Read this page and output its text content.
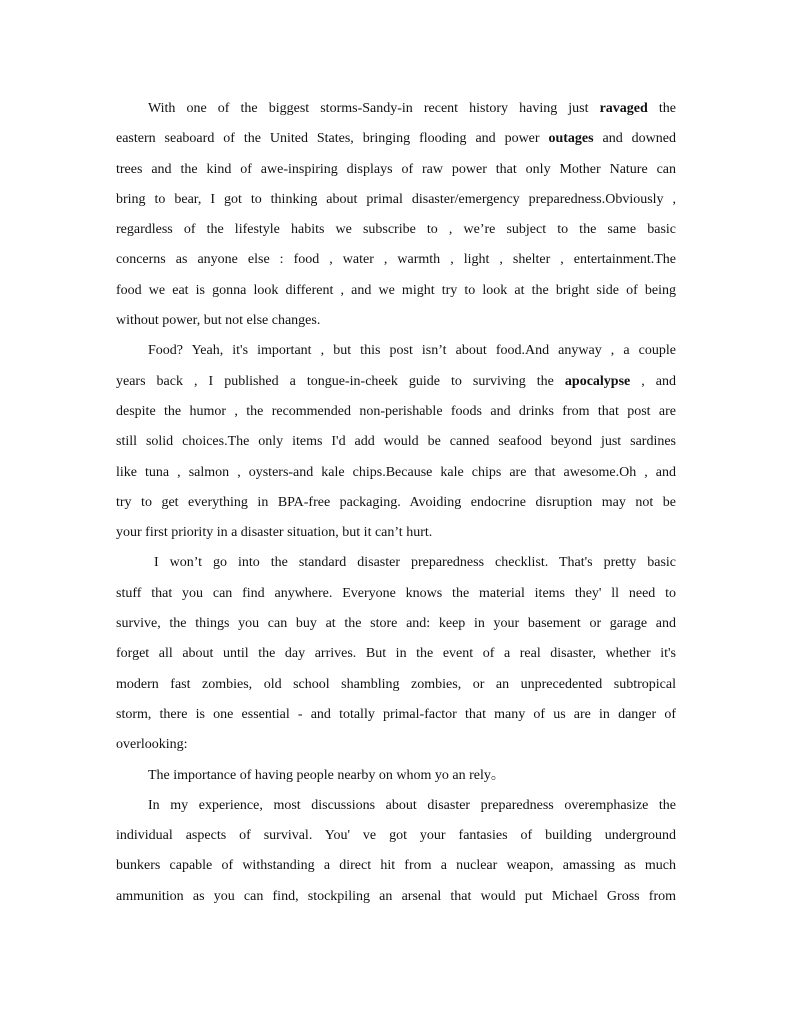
With one of the biggest storms-Sandy-in recent history having just ravaged the
eastern seaboard of the United States, bringing flooding and power outages and downed
trees and the kind of awe-inspiring displays of raw power that only Mother Nature can
bring to bear, I got to thinking about primal disaster/emergency preparedness.Obviously ,
regardless of the lifestyle habits we subscribe to , we’re subject to the same basic
concerns as anyone else : food , water , warmth , light , shelter , entertainment.The
food we eat is gonna look different , and we might try to look at the bright side of being
without power, but not else changes.
Food? Yeah, it's important , but this post isn’t about food.And anyway , a couple
years back , I published a tongue-in-cheek guide to surviving the apocalypse , and
despite the humor , the recommended non-perishable foods and drinks from that post are
still solid choices.The only items I'd add would be canned seafood beyond just sardines
like tuna , salmon , oysters-and kale chips.Because kale chips are that awesome.Oh , and
try to get everything in BPA-free packaging. Avoiding endocrine disruption may not be
your first priority in a disaster situation, but it can’t hurt.
I won’t go into the standard disaster preparedness checklist. That's pretty basic
stuff that you can find anywhere. Everyone knows the material items they' ll need to
survive, the things you can buy at the store and: keep in your basement or garage and
forget all about until the day arrives. But in the event of a real disaster, whether it's
modern fast zombies, old school shambling zombies, or an unprecedented subtropical
storm, there is one essential - and totally primal-factor that many of us are in danger of
overlooking:
The importance of having people nearby on whom yo an rely。
In my experience, most discussions about disaster preparedness overemphasize the
individual aspects of survival. You' ve got your fantasies of building underground
bunkers capable of withstanding a direct hit from a nuclear weapon, amassing as much
ammunition as you can find, stockpiling an arsenal that would put Michael Gross from
